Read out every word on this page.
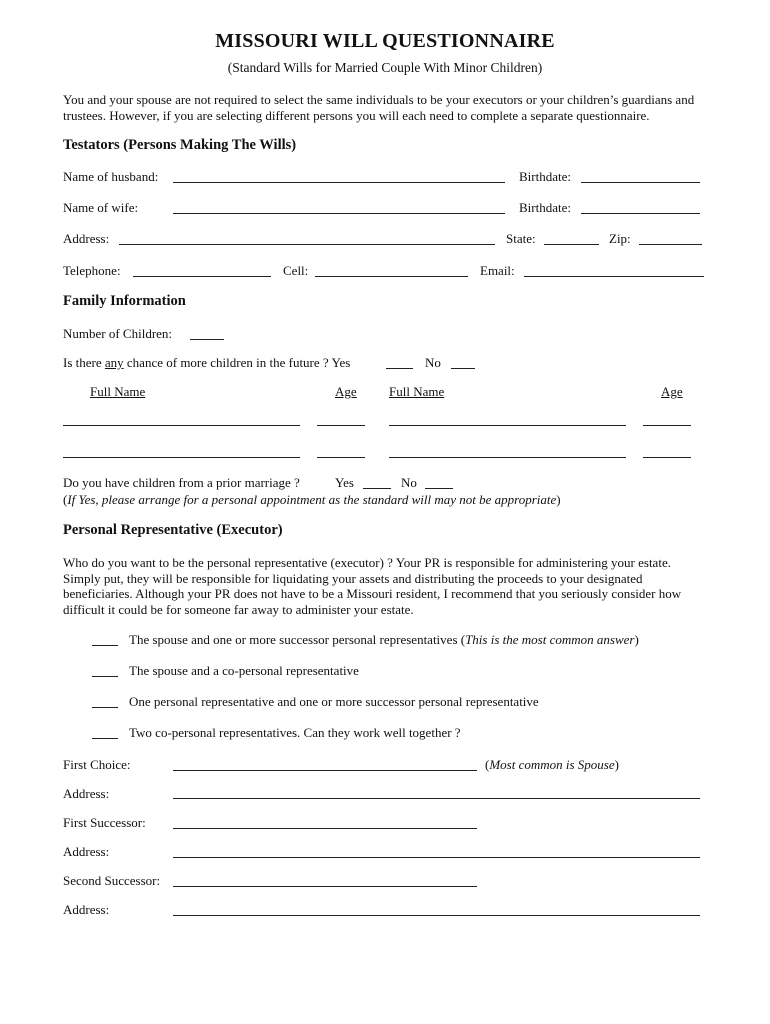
MISSOURI WILL QUESTIONNAIRE
(Standard Wills for Married Couple With Minor Children)
You and your spouse are not required to select the same individuals to be your executors or your children’s guardians and trustees. However, if you are selecting different persons you will each need to complete a separate questionnaire.
Testators (Persons Making The Wills)
Name of husband:	Birthdate:
Name of wife:	Birthdate:
Address:	State:	Zip:
Telephone:	Cell:	Email:
Family Information
Number of Children:
Is there any chance of more children in the future ? Yes	No
Full Name	Age Full Name	Age
Do you have children from a prior marriage ?	Yes	No
(If Yes, please arrange for a personal appointment as the standard will may not be appropriate)
Personal Representative (Executor)
Who do you want to be the personal representative (executor) ? Your PR is responsible for administering your estate. Simply put, they will be responsible for liquidating your assets and distributing the proceeds to your designated beneficiaries. Although your PR does not have to be a Missouri resident, I recommend that you seriously consider how difficult it could be for someone far away to administer your estate.
The spouse and one or more successor personal representatives (This is the most common answer)
The spouse and a co-personal representative
One personal representative and one or more successor personal representative
Two co-personal representatives. Can they work well together ?
First Choice:	(Most common is Spouse)
Address:
First Successor:
Address:
Second Successor:
Address:
